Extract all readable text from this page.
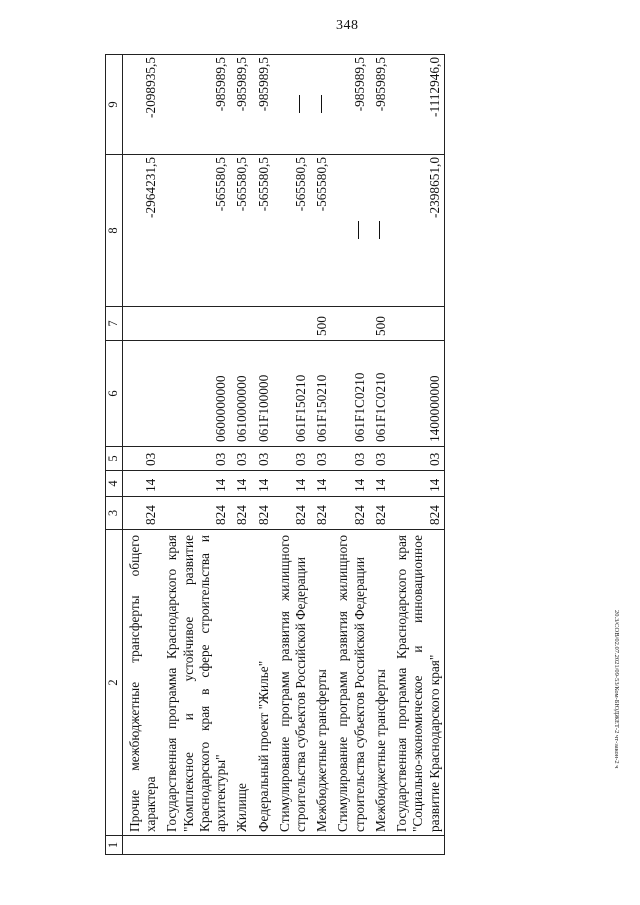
348
20.3/СОВ/02.07.2021/09-53/Ком-БЮДЖЕТ-2 чт-закон-2 ч
1	2	3	4	5	6	7	8	9
	Прочие межбюджетные трансферты общего характера	824	14	03			-2964231,5	-2098935,5
	Государственная программа Краснодарского края "Комплексное и устойчивое развитие Краснодарского края в сфере строительства и архитектуры"	824	14	03	0600000000		-565580,5	-985989,5
	Жилище	824	14	03	0610000000		-565580,5	-985989,5
	Федеральный проект "Жилье"	824	14	03	061F100000		-565580,5	-985989,5
	Стимулирование программ развития жилищного строительства субъектов Российской Федерации	824	14	03	061F150210		-565580,5	
	Межбюджетные трансферты	824	14	03	061F150210	500	-565580,5	
	Стимулирование программ развития жилищного строительства субъектов Российской Федерации	824	14	03	061F1C0210			-985989,5
	Межбюджетные трансферты	824	14	03	061F1C0210	500		-985989,5
	Государственная программа Краснодарского края "Социально-экономическое и инновационное развитие Краснодарского края"	824	14	03	1400000000		-2398651,0	-1112946,0
